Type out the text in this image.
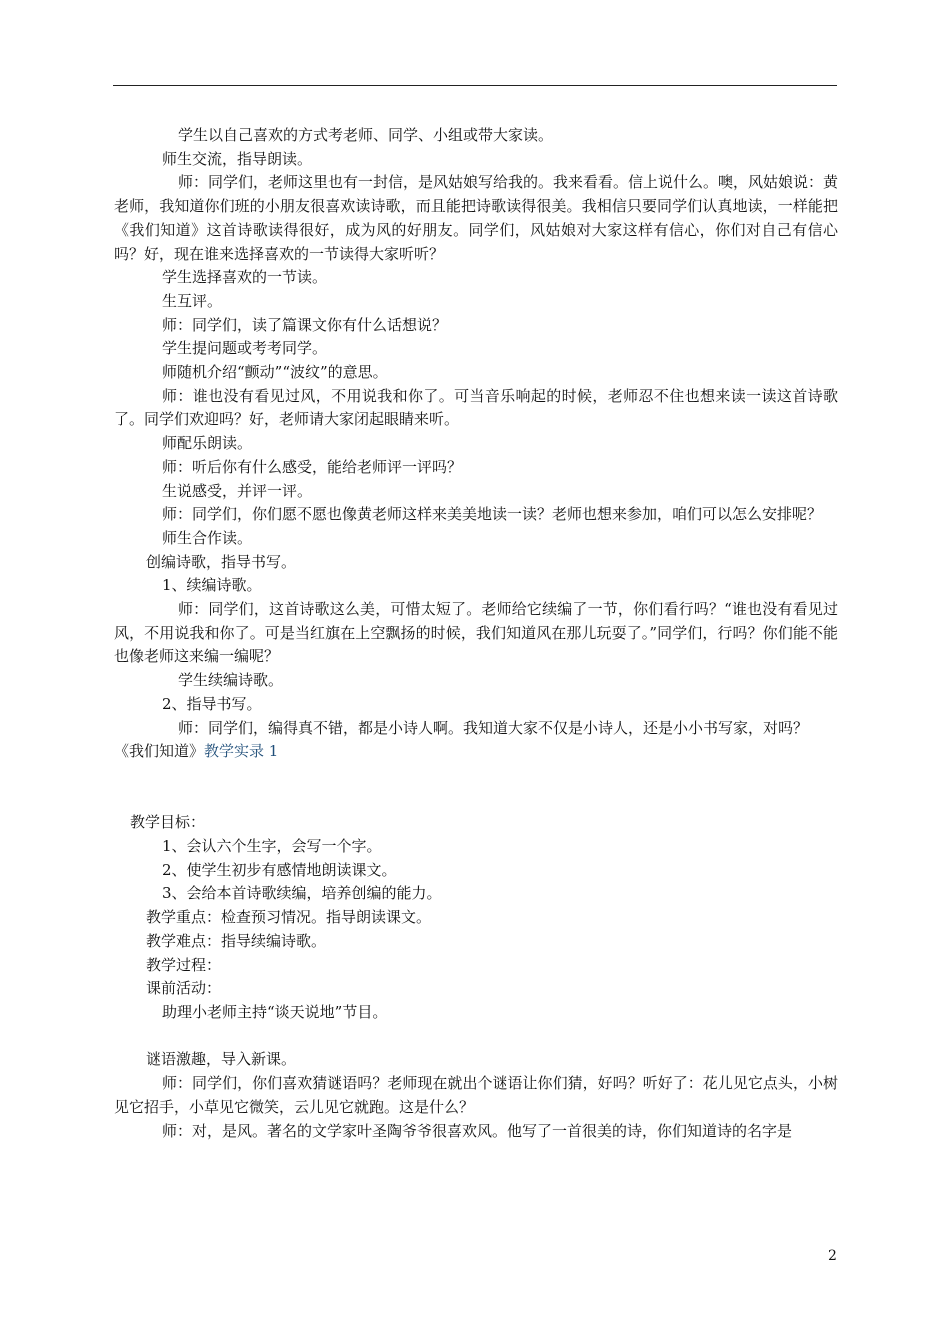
学生以自己喜欢的方式考老师、同学、小组或带大家读。

师生交流，指导朗读。

师：同学们，老师这里也有一封信，是风姑娘写给我的。我来看看。信上说什么。噢，风姑娘说：黄老师，我知道你们班的小朋友很喜欢读诗歌，而且能把诗歌读得很美。我相信只要同学们认真地读，一样能把《我们知道》这首诗歌读得很好，成为风的好朋友。同学们，风姑娘对大家这样有信心，你们对自己有信心吗？好，现在谁来选择喜欢的一节读得大家听听？

学生选择喜欢的一节读。

生互评。

师：同学们，读了篇课文你有什么话想说？

学生提问题或考考同学。

师随机介绍“颤动”“波纹”的意思。

师：谁也没有看见过风，不用说我和你了。可当音乐响起的时候，老师忍不住也想来读一读这首诗歌了。同学们欢迎吗？好，老师请大家闭起眼睛来听。

师配乐朗读。

师：听后你有什么感受，能给老师评一评吗？

生说感受，并评一评。

师：同学们，你们愿不愿也像黄老师这样来美美地读一读？老师也想来参加，咱们可以怎么安排呢？

师生合作读。

创编诗歌，指导书写。

1、续编诗歌。

师：同学们，这首诗歌这么美，可惜太短了。老师给它续编了一节，你们看行吗？“谁也没有看见过风，不用说我和你了。可是当红旗在上空飘扬的时候，我们知道风在那儿玩耍了。”同学们，行吗？你们能不能也像老师这来编一编呢？

学生续编诗歌。

2、指导书写。

师：同学们，编得真不错，都是小诗人啊。我知道大家不仅是小诗人，还是小小书写家，对吗？

《我们知道》教学实录 1

教学目标：

1、会认六个生字，会写一个字。

2、使学生初步有感情地朗读课文。

3、会给本首诗歌续编，培养创编的能力。

教学重点：检查预习情况。指导朗读课文。

教学难点：指导续编诗歌。

教学过程：

课前活动：

助理小老师主持“谈天说地”节目。

谜语激趣，导入新课。

师：同学们，你们喜欢猜谜语吗？老师现在就出个谜语让你们猜，好吗？听好了：花儿见它点头，小树见它招手，小草见它微笑，云儿见它就跑。这是什么？

师：对，是风。著名的文学家叶圣陶爷爷很喜欢风。他写了一首很美的诗，你们知道诗的名字是

2
